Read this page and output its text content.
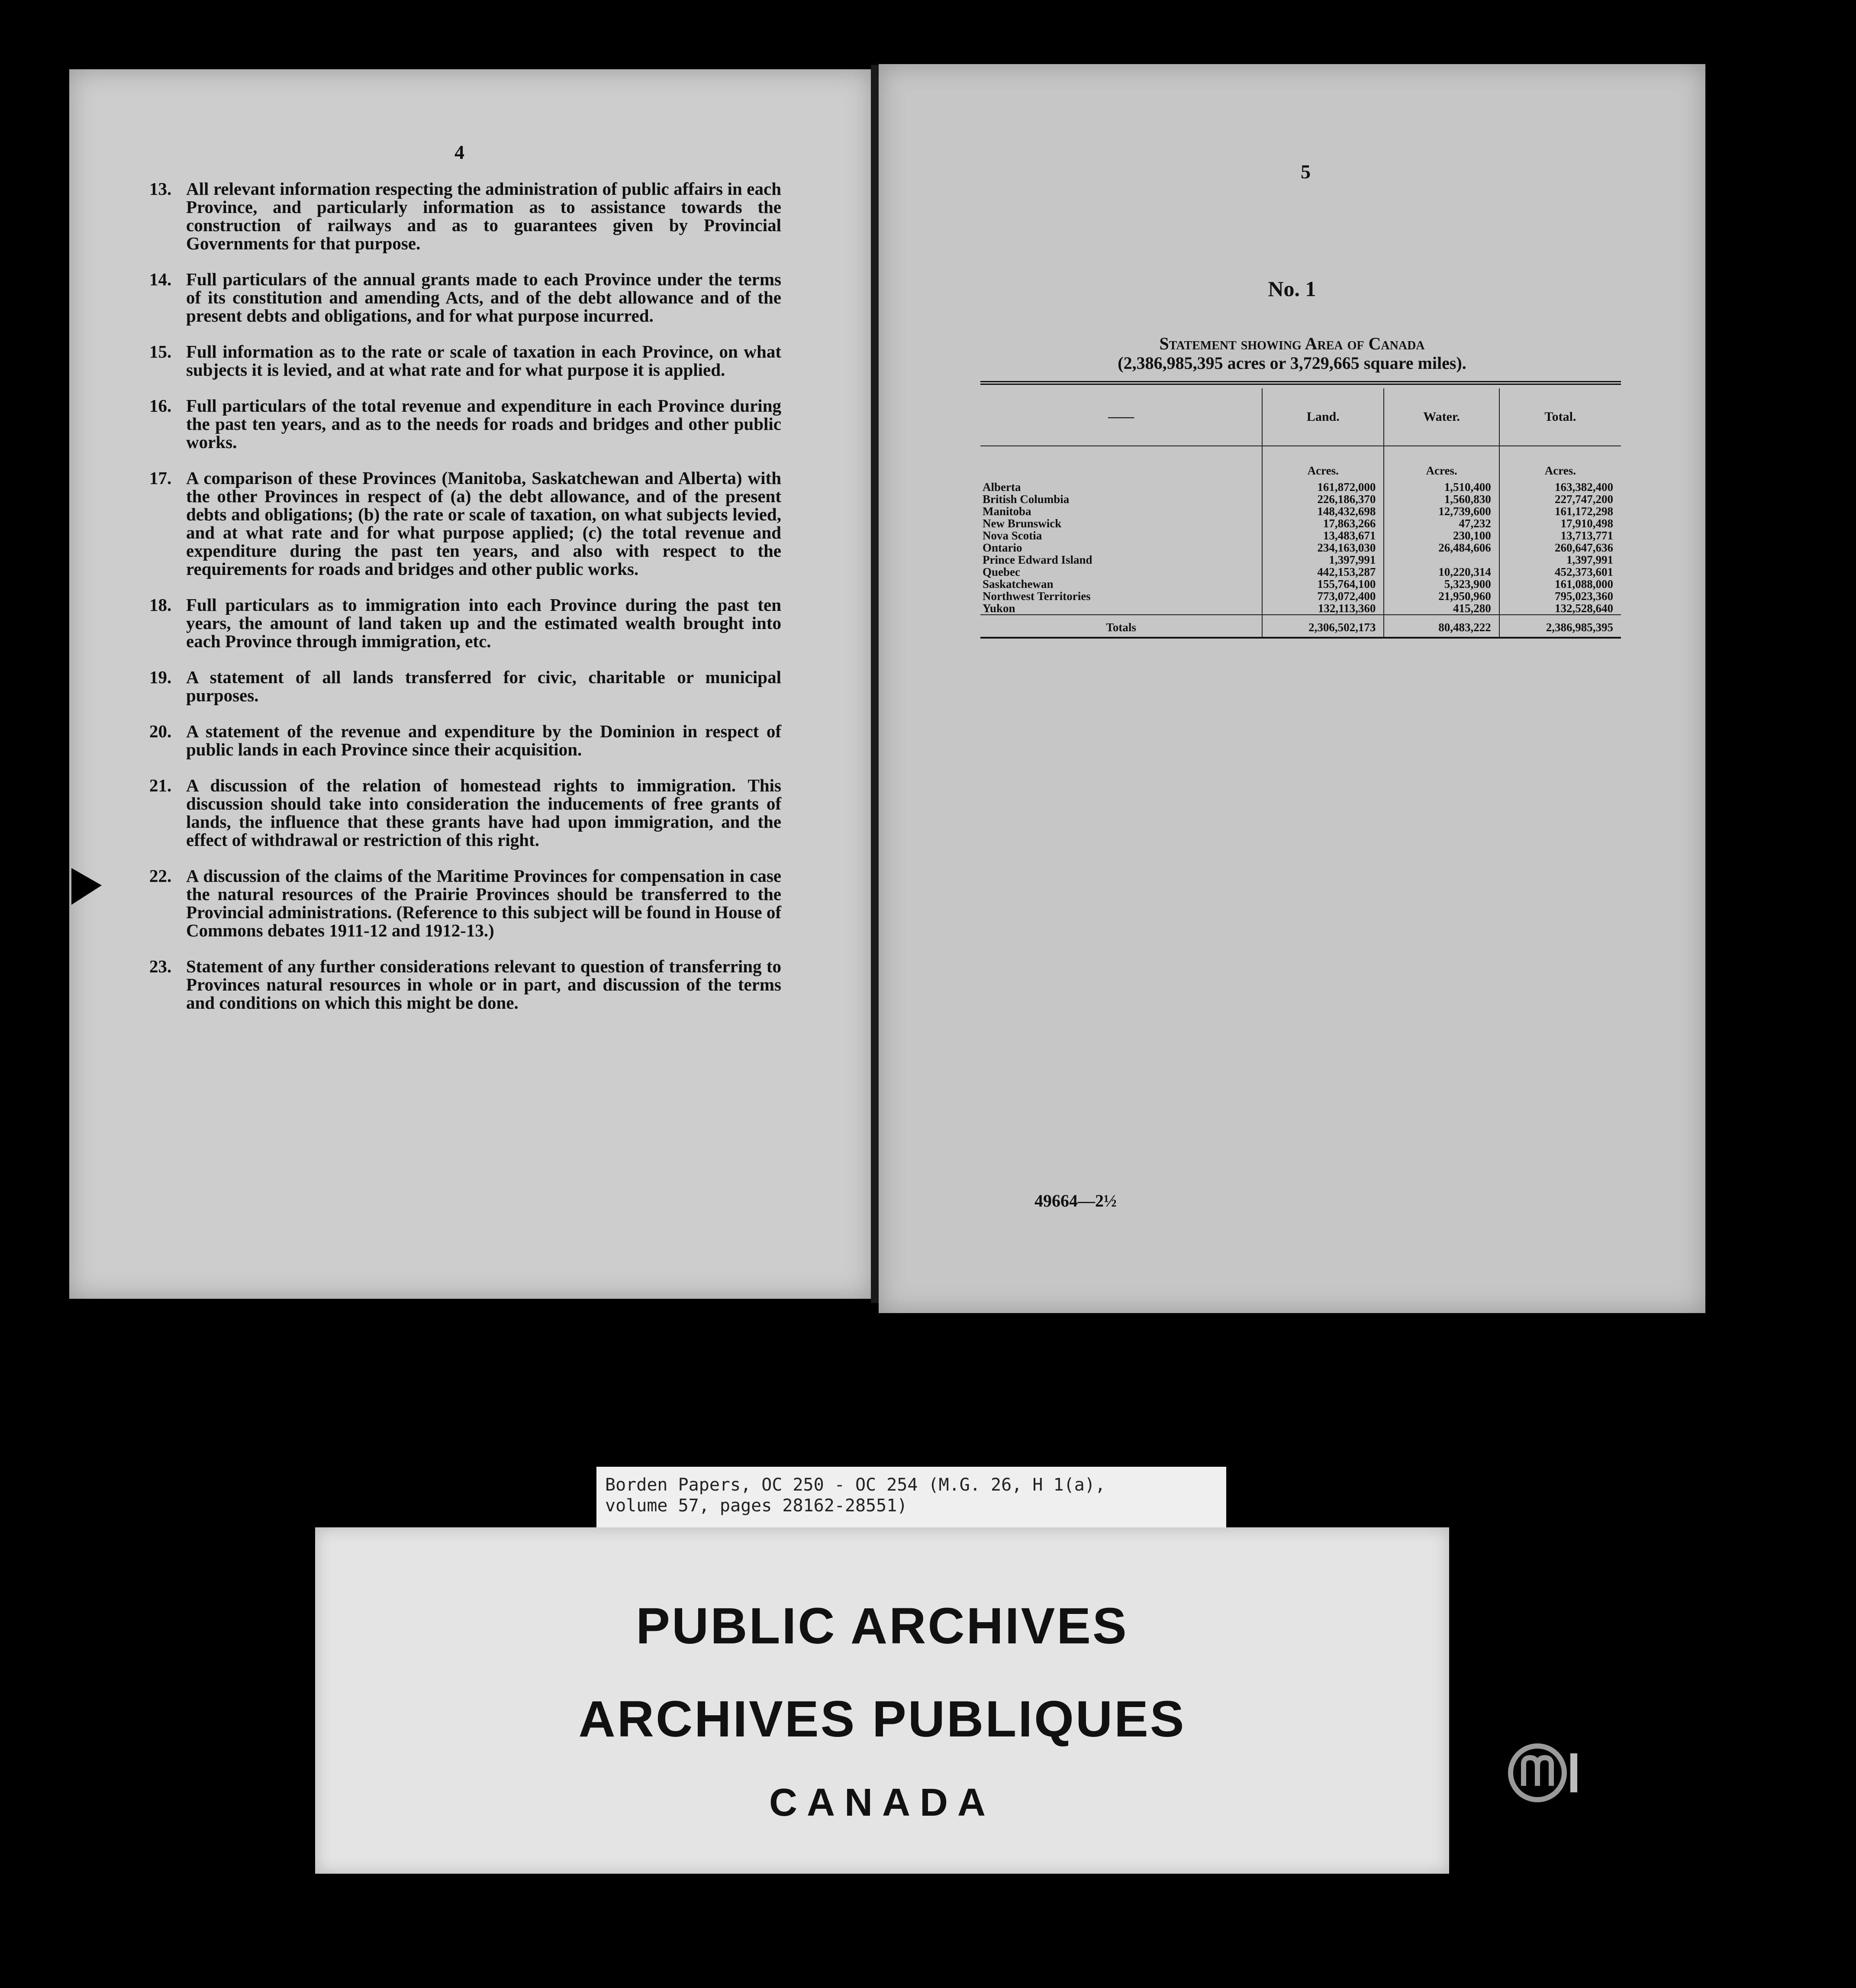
4
13. All relevant information respecting the administration of public affairs in each Province, and particularly information as to assistance towards the construction of railways and as to guarantees given by Provincial Governments for that purpose.
14. Full particulars of the annual grants made to each Province under the terms of its constitution and amending Acts, and of the debt allowance and of the present debts and obligations, and for what purpose incurred.
15. Full information as to the rate or scale of taxation in each Province, on what subjects it is levied, and at what rate and for what purpose it is applied.
16. Full particulars of the total revenue and expenditure in each Province during the past ten years, and as to the needs for roads and bridges and other public works.
17. A comparison of these Provinces (Manitoba, Saskatchewan and Alberta) with the other Provinces in respect of (a) the debt allowance, and of the present debts and obligations; (b) the rate or scale of taxation, on what subjects levied, and at what rate and for what purpose applied; (c) the total revenue and expenditure during the past ten years, and also with respect to the requirements for roads and bridges and other public works.
18. Full particulars as to immigration into each Province during the past ten years, the amount of land taken up and the estimated wealth brought into each Province through immigration, etc.
19. A statement of all lands transferred for civic, charitable or municipal purposes.
20. A statement of the revenue and expenditure by the Dominion in respect of public lands in each Province since their acquisition.
21. A discussion of the relation of homestead rights to immigration. This discussion should take into consideration the inducements of free grants of lands, the influence that these grants have had upon immigration, and the effect of withdrawal or restriction of this right.
22. A discussion of the claims of the Maritime Provinces for compensation in case the natural resources of the Prairie Provinces should be transferred to the Provincial administrations. (Reference to this subject will be found in House of Commons debates 1911-12 and 1912-13.)
23. Statement of any further considerations relevant to question of transferring to Provinces natural resources in whole or in part, and discussion of the terms and conditions on which this might be done.
5
No. 1
Statement showing Area of Canada
(2,386,985,395 acres or 3,729,665 square miles).
——	Land.	Water.	Total.
	Acres.	Acres.	Acres.
Alberta	161,872,000	1,510,400	163,382,400
British Columbia	226,186,370	1,560,830	227,747,200
Manitoba	148,432,698	12,739,600	161,172,298
New Brunswick	17,863,266	47,232	17,910,498
Nova Scotia	13,483,671	230,100	13,713,771
Ontario	234,163,030	26,484,606	260,647,636
Prince Edward Island	1,397,991		1,397,991
Quebec	442,153,287	10,220,314	452,373,601
Saskatchewan	155,764,100	5,323,900	161,088,000
Northwest Territories	773,072,400	21,950,960	795,023,360
Yukon	132,113,360	415,280	132,528,640
Totals	2,306,502,173	80,483,222	2,386,985,395
49664—2½
Borden Papers, OC 250 - OC 254 (M.G. 26, H 1(a),
volume 57, pages 28162-28551)
PUBLIC ARCHIVES
ARCHIVES PUBLIQUES
CANADA
